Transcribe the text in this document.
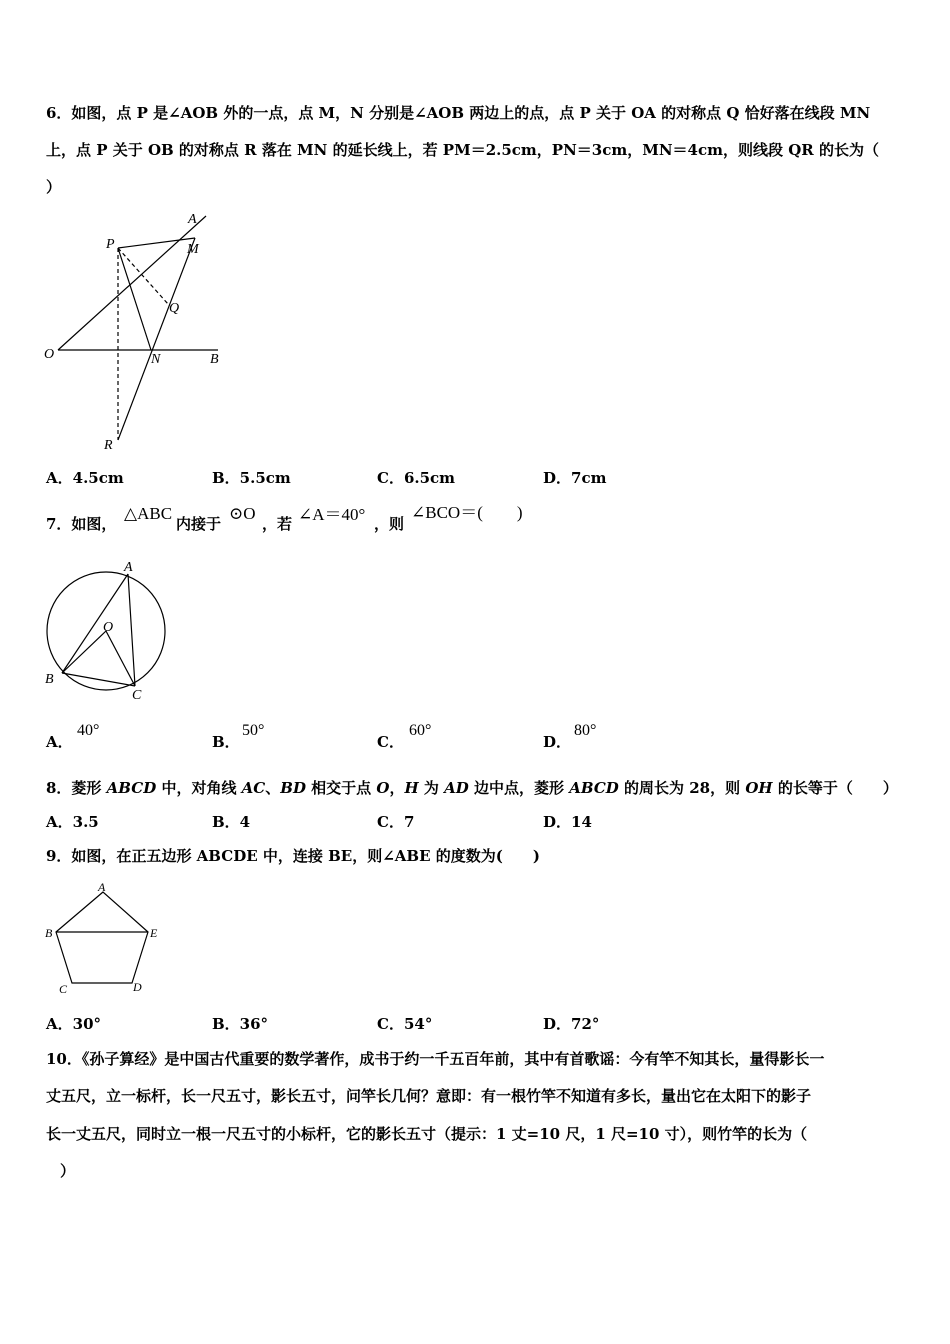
6．如图，点 P 是∠AOB 外的一点，点 M，N 分别是∠AOB 两边上的点，点 P 关于 OA 的对称点 Q 恰好落在线段 MN
上，点 P 关于 OB 的对称点 R 落在 MN 的延长线上，若 PM＝2.5cm，PN＝3cm，MN＝4cm，则线段 QR 的长为（
）
A
M
P
Q
O	N	B
R
A．4.5cm	B．5.5cm	C．6.5cm	D．7cm
7．如图，
△ABC
内接于
⊙O
，若 ∠A＝40° ，则
∠BCO＝(　　)
A
O
B
C
A．
40°
B．
50°
C．
60°
D．
80°
8．菱形 ABCD 中，对角线 AC、BD 相交于点 O，H 为 AD 边中点，菱形 ABCD 的周长为 28，则 OH 的长等于（　　）
A．3.5	B．4	C．7	D．14
9．如图，在正五边形 ABCDE 中，连接 BE，则∠ABE 的度数为(　　)
A
B	E
C	D
A．30°	B．36°	C．54°	D．72°
10．《孙子算经》是中国古代重要的数学著作，成书于约一千五百年前，其中有首歌谣：今有竿不知其长，量得影长一
丈五尺，立一标杆，长一尺五寸，影长五寸，问竿长几何？意即：有一根竹竿不知道有多长，量出它在太阳下的影子
长一丈五尺，同时立一根一尺五寸的小标杆，它的影长五寸（提示：1 丈=10 尺，1 尺=10 寸），则竹竿的长为（
）
